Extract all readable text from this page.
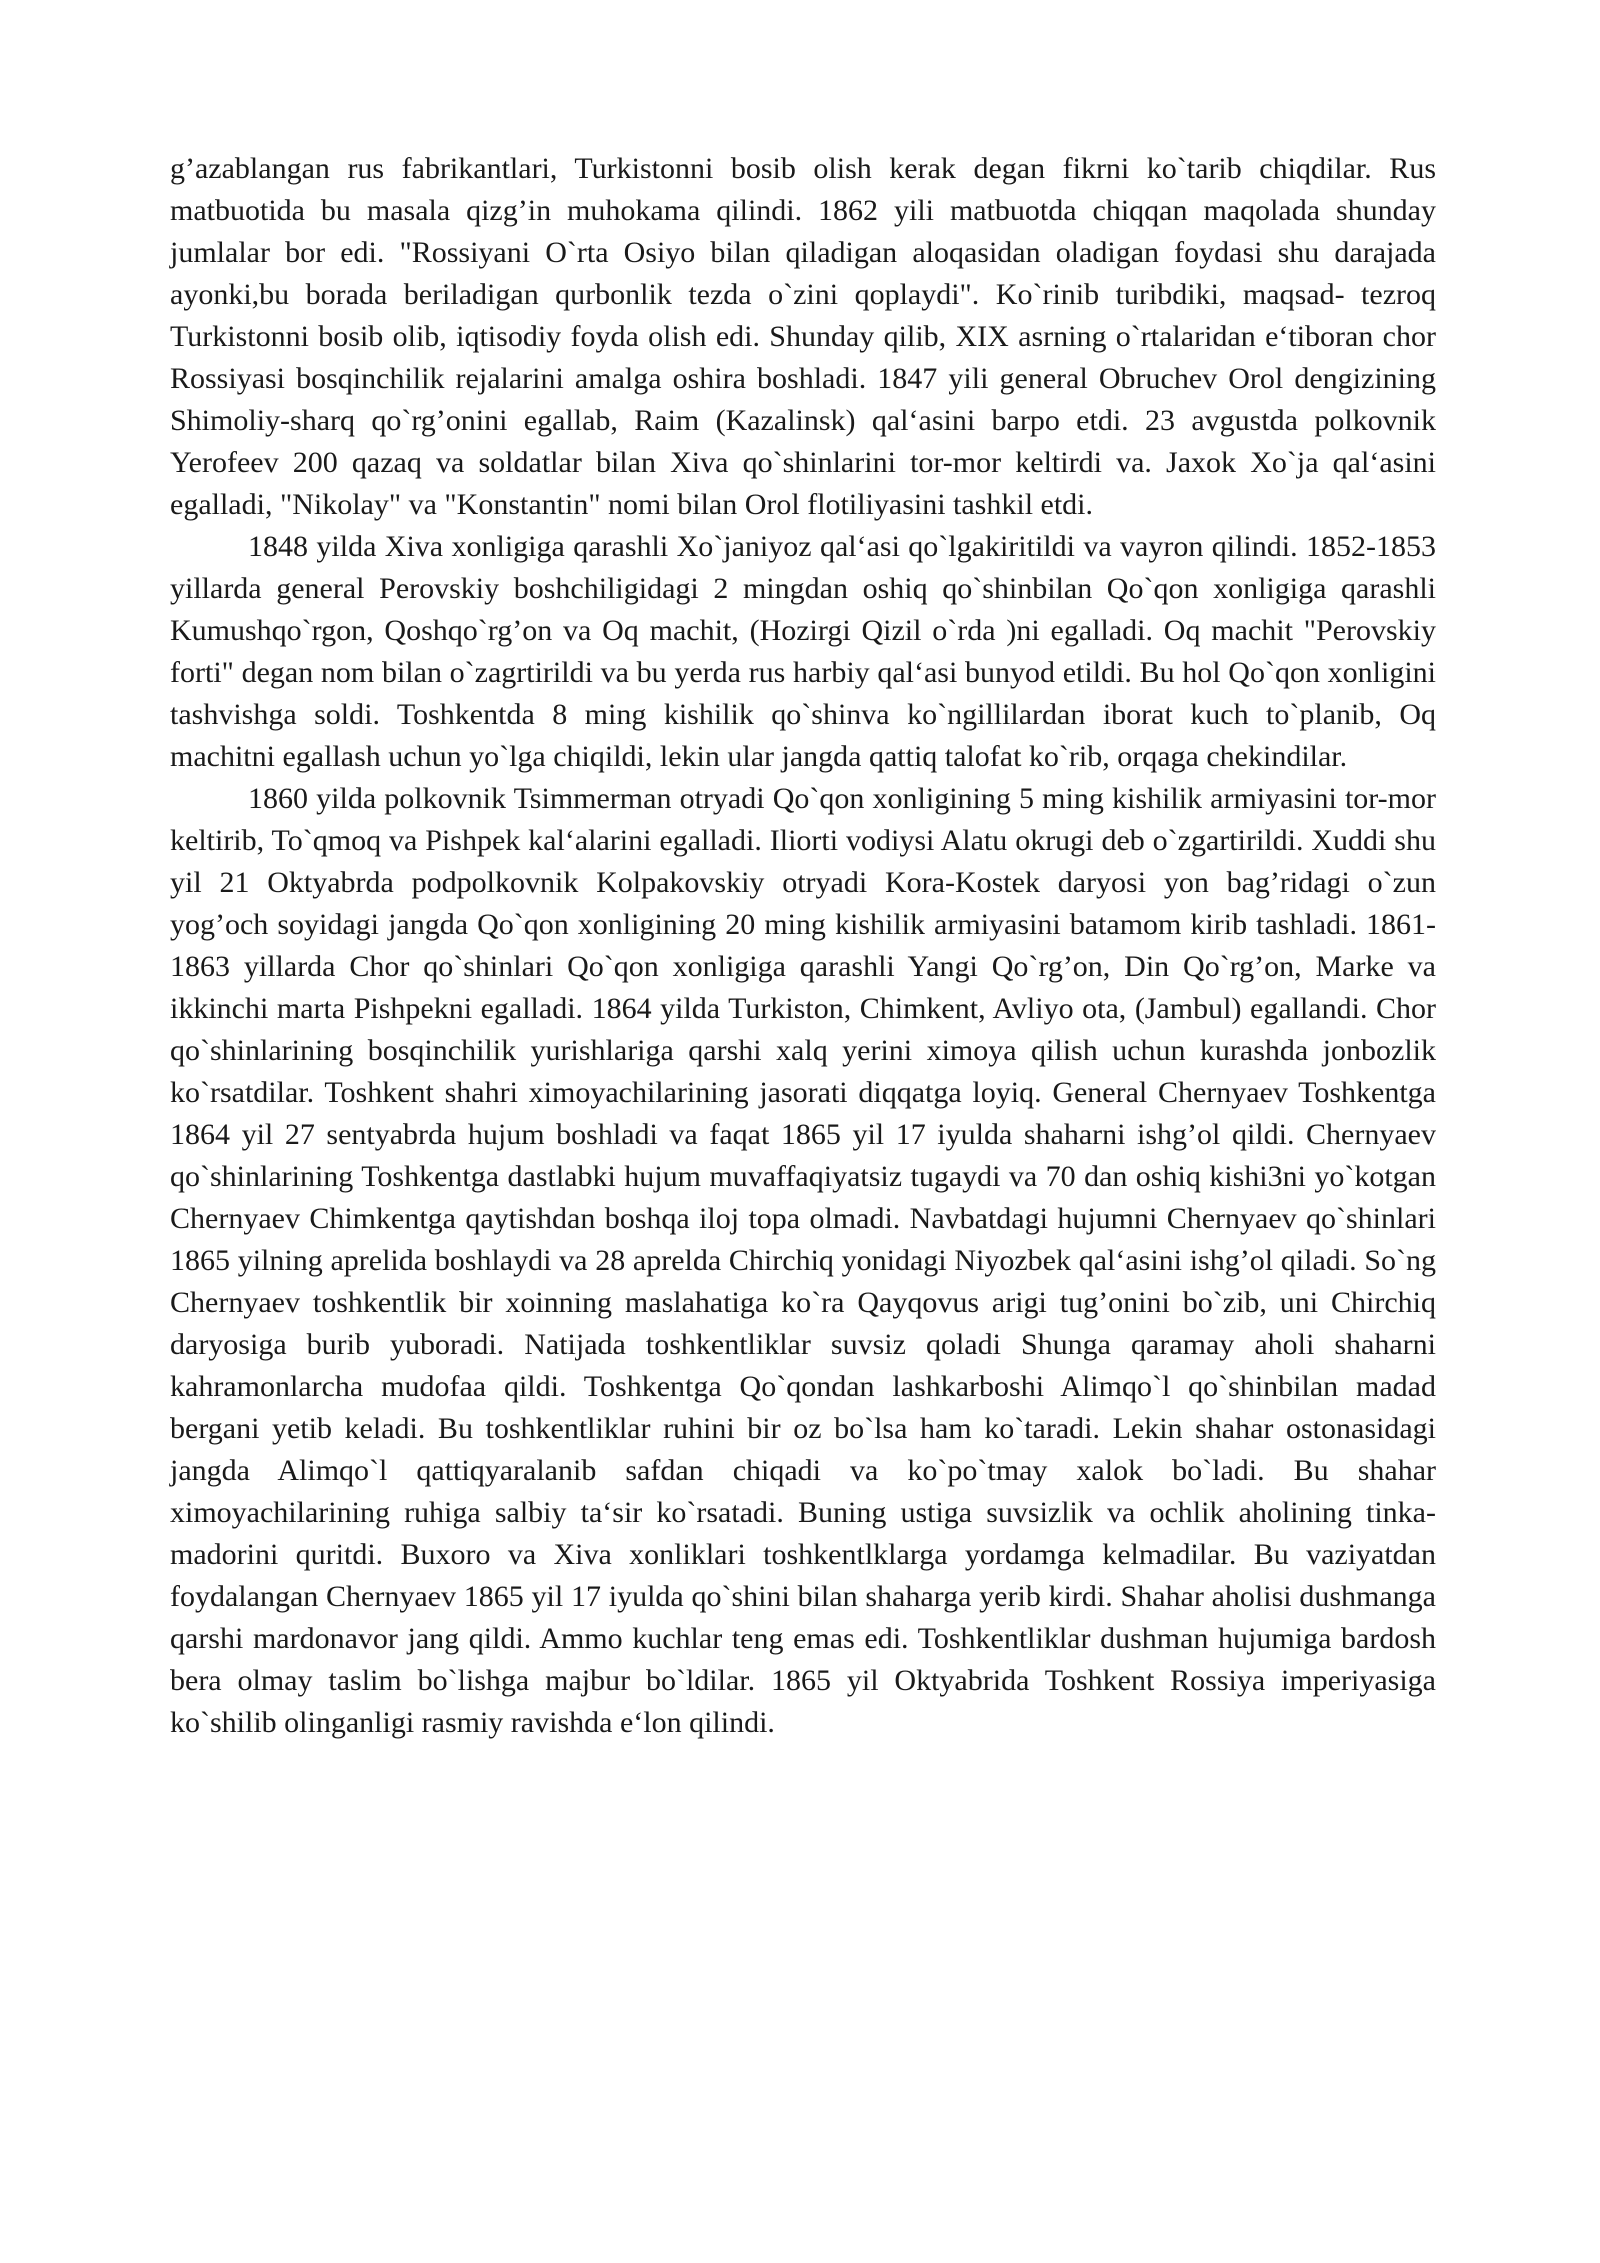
g’azablangan rus fabrikantlari, Turkistonni bosib olish kerak degan fikrni ko`tarib chiqdilar. Rus matbuotida bu masala qizg’in muhokama qilindi. 1862 yili matbuotda chiqqan maqolada shunday jumlalar bor edi. "Rossiyani O`rta Osiyo bilan qiladigan aloqasidan oladigan foydasi shu darajada ayonki,bu borada beriladigan qurbonlik tezda o`zini qoplaydi". Ko`rinib turibdiki, maqsad- tezroq Turkistonni bosib olib, iqtisodiy foyda olish edi. Shunday qilib, XIX asrning o`rtalaridan e‘tiboran chor Rossiyasi bosqinchilik rejalarini amalga oshira boshladi. 1847 yili general Obruchev Orol dengizining Shimoliy-sharq qo`rg’onini egallab, Raim (Kazalinsk) qal‘asini barpo etdi. 23 avgustda polkovnik Yerofeev 200 qazaq va soldatlar bilan Xiva qo`shinlarini tor-mor keltirdi va. Jaxok Xo`ja qal‘asini egalladi, "Nikolay" va "Konstantin" nomi bilan Orol flotiliyasini tashkil etdi.

1848 yilda Xiva xonligiga qarashli Xo`janiyoz qal‘asi qo`lgakiritildi va vayron qilindi. 1852-1853 yillarda general Perovskiy boshchiligidagi 2 mingdan oshiq qo`shinbilan Qo`qon xonligiga qarashli Kumushqo`rgon, Qoshqo`rg’on va Oq machit, (Hozirgi Qizil o`rda )ni egalladi. Oq machit "Perovskiy forti" degan nom bilan o`zagrtirildi va bu yerda rus harbiy qal‘asi bunyod etildi. Bu hol Qo`qon xonligini tashvishga soldi. Toshkentda 8 ming kishilik qo`shinva ko`ngillilardan iborat kuch to`planib, Oq machitni egallash uchun yo`lga chiqildi, lekin ular jangda qattiq talofat ko`rib, orqaga chekindilar.

1860 yilda polkovnik Tsimmerman otryadi Qo`qon xonligining 5 ming kishilik armiyasini tor-mor keltirib, To`qmoq va Pishpek kal‘alarini egalladi. Iliorti vodiysi Alatu okrugi deb o`zgartirildi. Xuddi shu yil 21 Oktyabrda podpolkovnik Kolpakovskiy otryadi Kora-Kostek daryosi yon bag’ridagi o`zun yog’och soyidagi jangda Qo`qon xonligining 20 ming kishilik armiyasini batamom kirib tashladi. 1861-1863 yillarda Chor qo`shinlari Qo`qon xonligiga qarashli Yangi Qo`rg’on, Din Qo`rg’on, Marke va ikkinchi marta Pishpekni egalladi. 1864 yilda Turkiston, Chimkent, Avliyo ota, (Jambul) egallandi. Chor qo`shinlarining bosqinchilik yurishlariga qarshi xalq yerini ximoya qilish uchun kurashda jonbozlik ko`rsatdilar. Toshkent shahri ximoyachilarining jasorati diqqatga loyiq. General Chernyaev Toshkentga 1864 yil 27 sentyabrda hujum boshladi va faqat 1865 yil 17 iyulda shaharni ishg’ol qildi. Chernyaev qo`shinlarining Toshkentga dastlabki hujum muvaffaqiyatsiz tugaydi va 70 dan oshiq kishi3ni yo`kotgan Chernyaev Chimkentga qaytishdan boshqa iloj topa olmadi. Navbatdagi hujumni Chernyaev qo`shinlari 1865 yilning aprelida boshlaydi va 28 aprelda Chirchiq yonidagi Niyozbek qal‘asini ishg’ol qiladi. So`ng Chernyaev toshkentlik bir xoinning maslahatiga ko`ra Qayqovus arigi tug’onini bo`zib, uni Chirchiq daryosiga burib yuboradi. Natijada toshkentliklar suvsiz qoladi Shunga qaramay aholi shaharni kahramonlarcha mudofaa qildi. Toshkentga Qo`qondan lashkarboshi Alimqo`l qo`shinbilan madad bergani yetib keladi. Bu toshkentliklar ruhini bir oz bo`lsa ham ko`taradi. Lekin shahar ostonasidagi jangda Alimqo`l qattiqyaralanib safdan chiqadi va ko`po`tmay xalok bo`ladi. Bu shahar ximoyachilarining ruhiga salbiy ta‘sir ko`rsatadi. Buning ustiga suvsizlik va ochlik aholining tinka-madorini quritdi. Buxoro va Xiva xonliklari toshkentlklarga yordamga kelmadilar. Bu vaziyatdan foydalangan Chernyaev 1865 yil 17 iyulda qo`shini bilan shaharga yerib kirdi. Shahar aholisi dushmanga qarshi mardonavor jang qildi. Ammo kuchlar teng emas edi. Toshkentliklar dushman hujumiga bardosh bera olmay taslim bo`lishga majbur bo`ldilar. 1865 yil Oktyabrida Toshkent Rossiya imperiyasiga ko`shilib olinganligi rasmiy ravishda e‘lon qilindi.
